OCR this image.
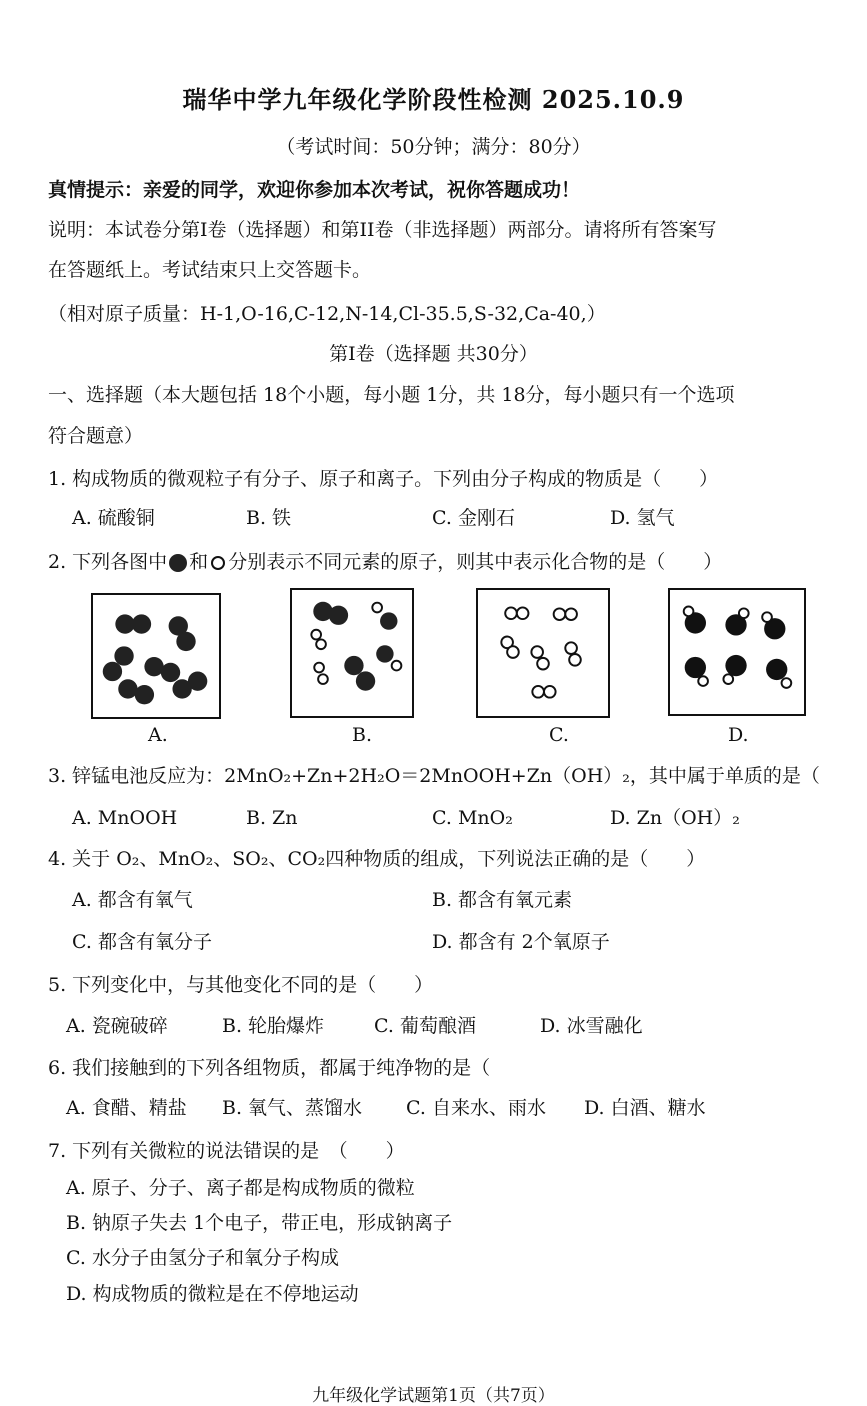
瑞华中学九年级化学阶段性检测 2025.10.9
（考试时间：50分钟；满分：80分）
真情提示：亲爱的同学，欢迎你参加本次考试，祝你答题成功！
说明：本试卷分第Ⅰ卷（选择题）和第II卷（非选择题）两部分。请将所有答案写
在答题纸上。考试结束只上交答题卡。
（相对原子质量：H-1,O-16,C-12,N-14,Cl-35.5,S-32,Ca-40,）
第Ⅰ卷（选择题 共30分）
一、选择题（本大题包括 18个小题，每小题 1分，共 18分，每小题只有一个选项
符合题意）
1. 构成物质的微观粒子有分子、原子和离子。下列由分子构成的物质是（　　）
A. 硫酸铜	B. 铁	C. 金刚石	D. 氢气
2. 下列各图中 和 分别表示不同元素的原子，则其中表示化合物的是（　　）
A.	B.	C.	D.
3. 锌锰电池反应为：2MnO₂+Zn+2H₂O＝2MnOOH+Zn（OH）₂，其中属于单质的是（
A. MnOOH	B. Zn	C. MnO₂	D. Zn（OH）₂
4. 关于 O₂、MnO₂、SO₂、CO₂四种物质的组成，下列说法正确的是（　　）
A. 都含有氧气	B. 都含有氧元素
C. 都含有氧分子	D. 都含有 2个氧原子
5. 下列变化中，与其他变化不同的是（　　）
A. 瓷碗破碎	B. 轮胎爆炸	C. 葡萄酿酒	D. 冰雪融化
6. 我们接触到的下列各组物质，都属于纯净物的是（
A. 食醋、精盐 B. 氧气、蒸馏水 C. 自来水、雨水 D. 白酒、糖水
7. 下列有关微粒的说法错误的是　（　　）
A. 原子、分子、离子都是构成物质的微粒
B. 钠原子失去 1个电子，带正电，形成钠离子
C. 水分子由氢分子和氧分子构成
D. 构成物质的微粒是在不停地运动
九年级化学试题第1页（共7页）
